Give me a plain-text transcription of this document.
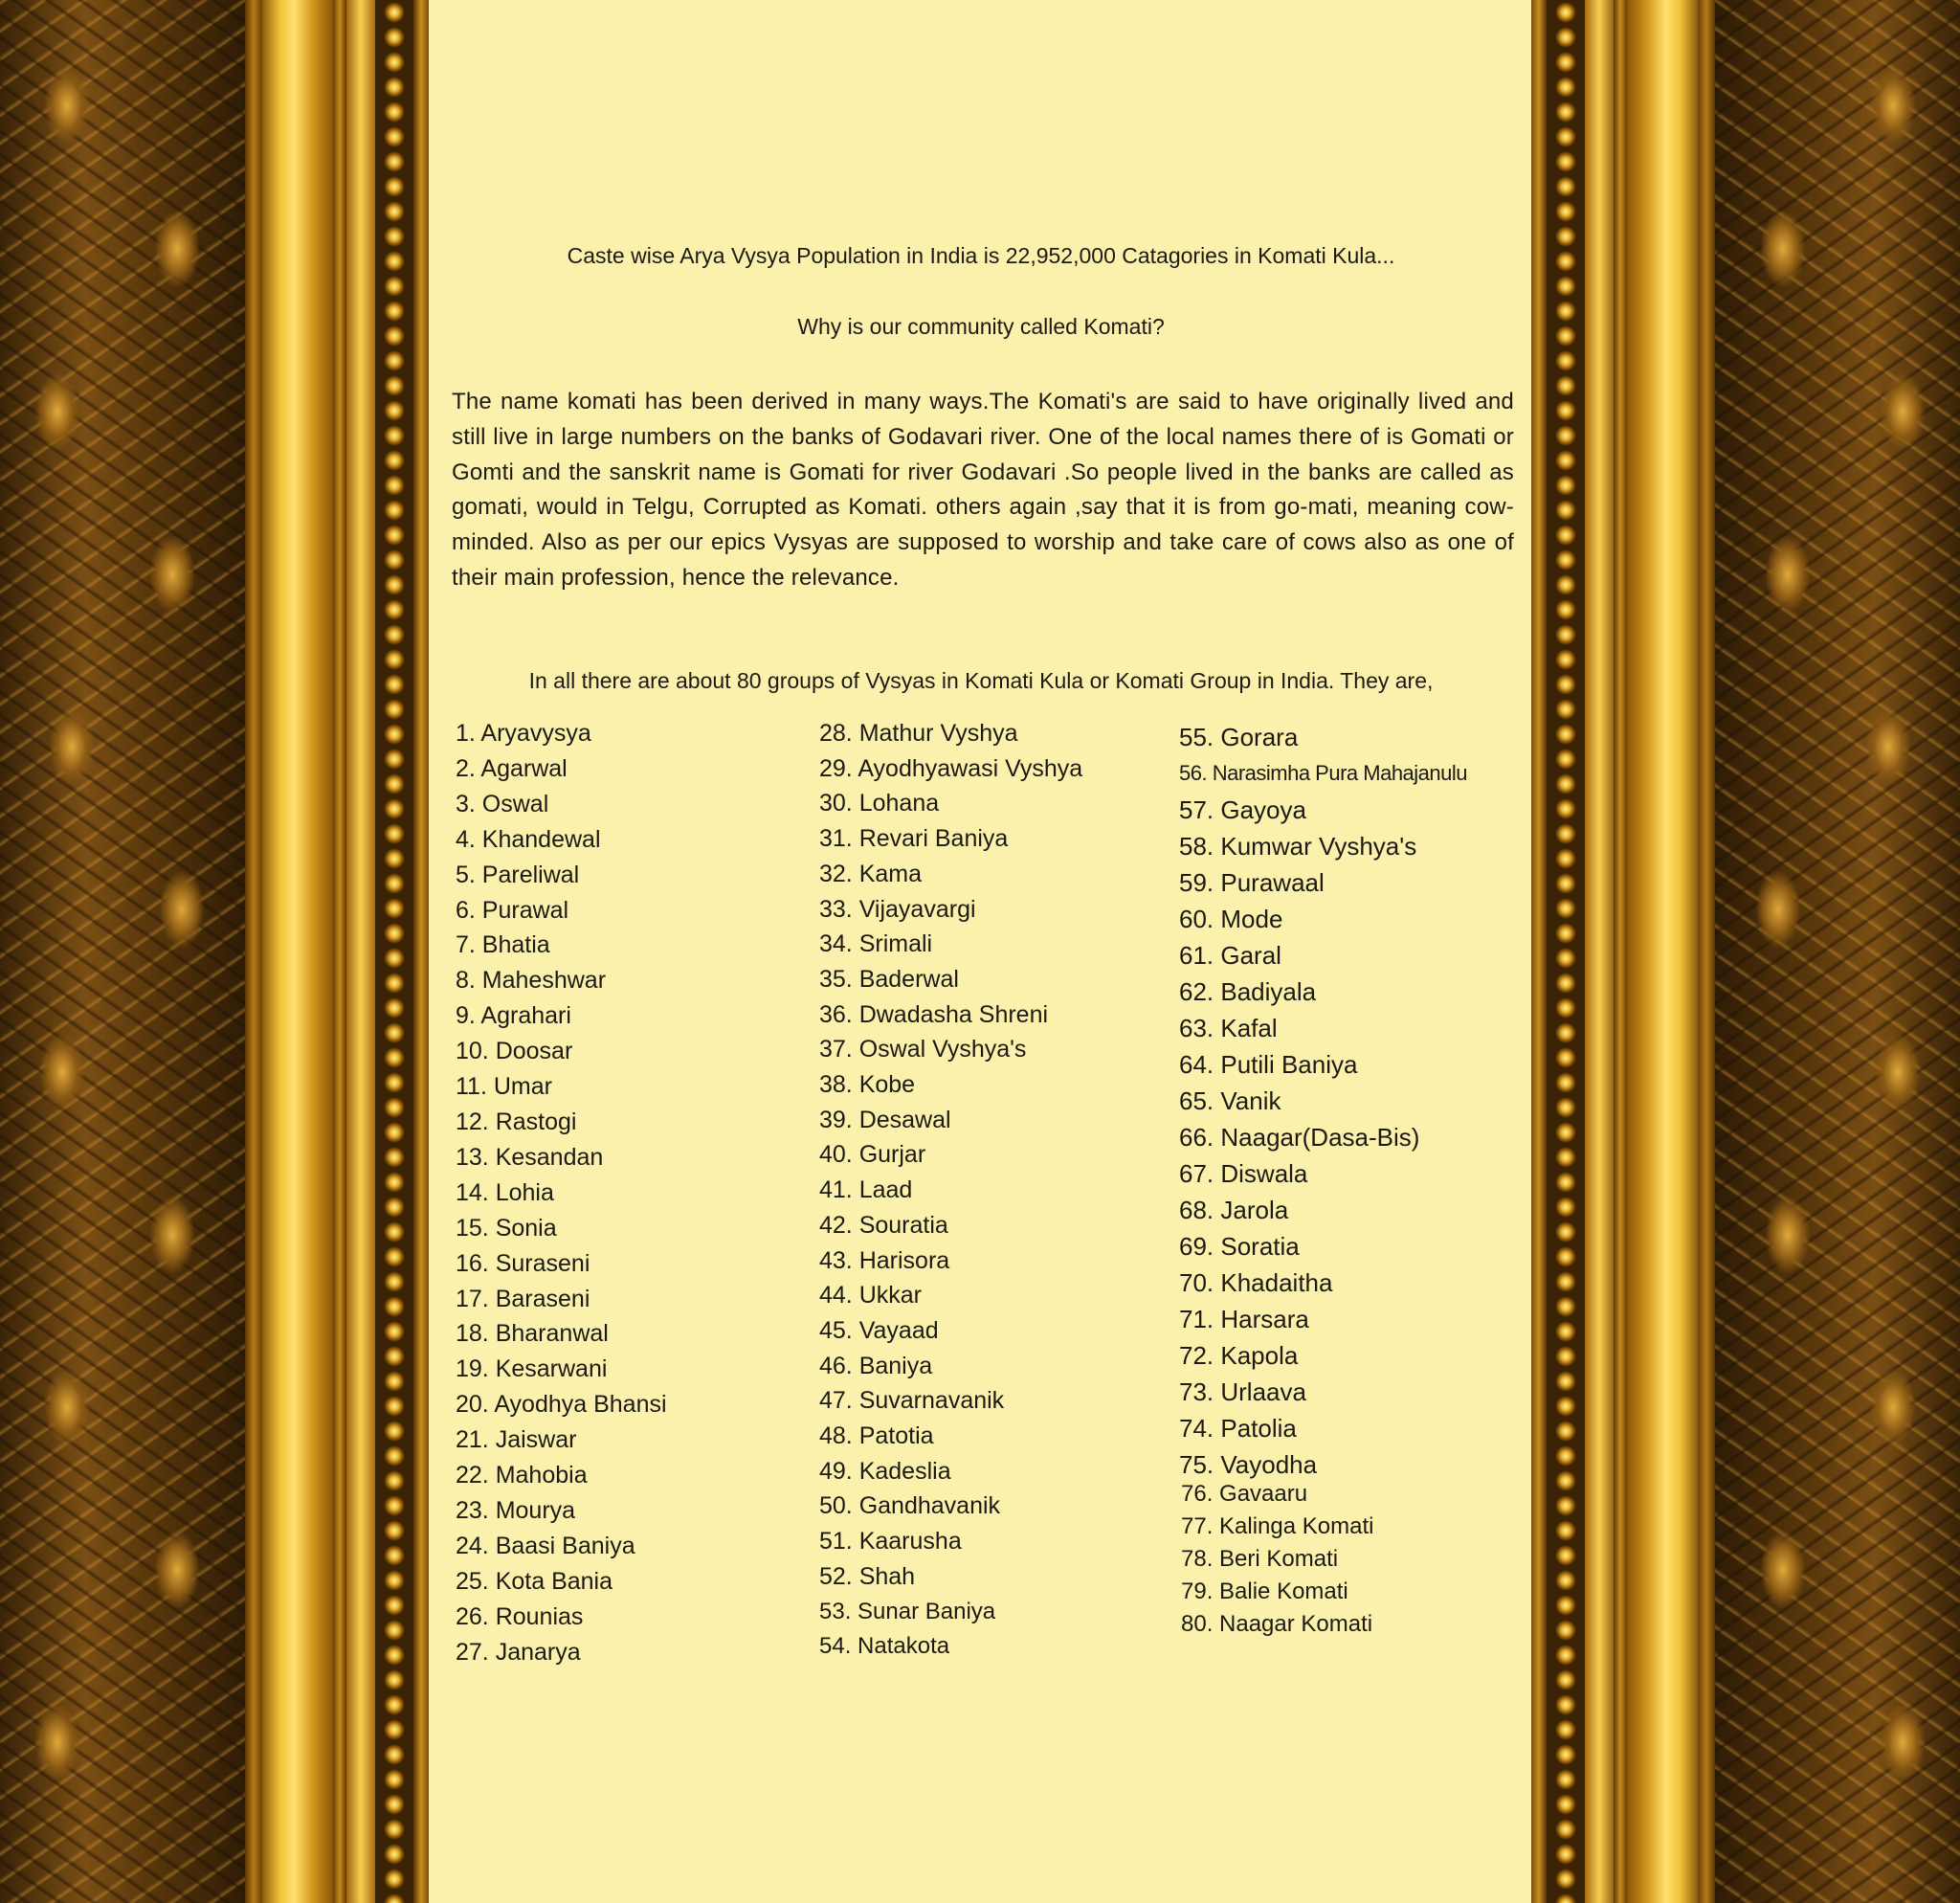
Caste wise Arya Vysya Population in India is 22,952,000 Catagories in Komati Kula...
Why is our community called Komati?
The name komati has been derived in many ways.The Komati's are said to have originally lived and still live in large numbers on the banks of Godavari river. One of the local names there of is Gomati or Gomti and the sanskrit name is Gomati for river Godavari .So people lived in the banks are called as gomati, would in Telgu, Corrupted as Komati. others again ,say that it is from go-mati, meaning cow-minded. Also as per our epics Vysyas are supposed to worship and take care of cows also as one of their main profession, hence the relevance.
In all there are about 80 groups of Vysyas in Komati Kula or Komati Group in India. They are,
1. Aryavysya
2. Agarwal
3. Oswal
4. Khandewal
5. Pareliwal
6. Purawal
7. Bhatia
8. Maheshwar
9. Agrahari
10. Doosar
11. Umar
12. Rastogi
13. Kesandan
14. Lohia
15. Sonia
16. Suraseni
17. Baraseni
18. Bharanwal
19. Kesarwani
20. Ayodhya Bhansi
21. Jaiswar
22. Mahobia
23. Mourya
24. Baasi Baniya
25. Kota Bania
26. Rounias
27. Janarya
28. Mathur Vyshya
29. Ayodhyawasi Vyshya
30. Lohana
31. Revari Baniya
32. Kama
33. Vijayavargi
34. Srimali
35. Baderwal
36. Dwadasha Shreni
37. Oswal Vyshya's
38. Kobe
39. Desawal
40. Gurjar
41. Laad
42. Souratia
43. Harisora
44. Ukkar
45. Vayaad
46. Baniya
47. Suvarnavanik
48. Patotia
49. Kadeslia
50. Gandhavanik
51. Kaarusha
52. Shah
53. Sunar Baniya
54. Natakota
55. Gorara
56. Narasimha Pura Mahajanulu
57. Gayoya
58. Kumwar Vyshya's
59. Purawaal
60. Mode
61. Garal
62. Badiyala
63. Kafal
64. Putili Baniya
65. Vanik
66. Naagar(Dasa-Bis)
67. Diswala
68. Jarola
69. Soratia
70. Khadaitha
71. Harsara
72. Kapola
73. Urlaava
74. Patolia
75. Vayodha
76. Gavaaru
77. Kalinga Komati
78. Beri Komati
79. Balie Komati
80. Naagar Komati
